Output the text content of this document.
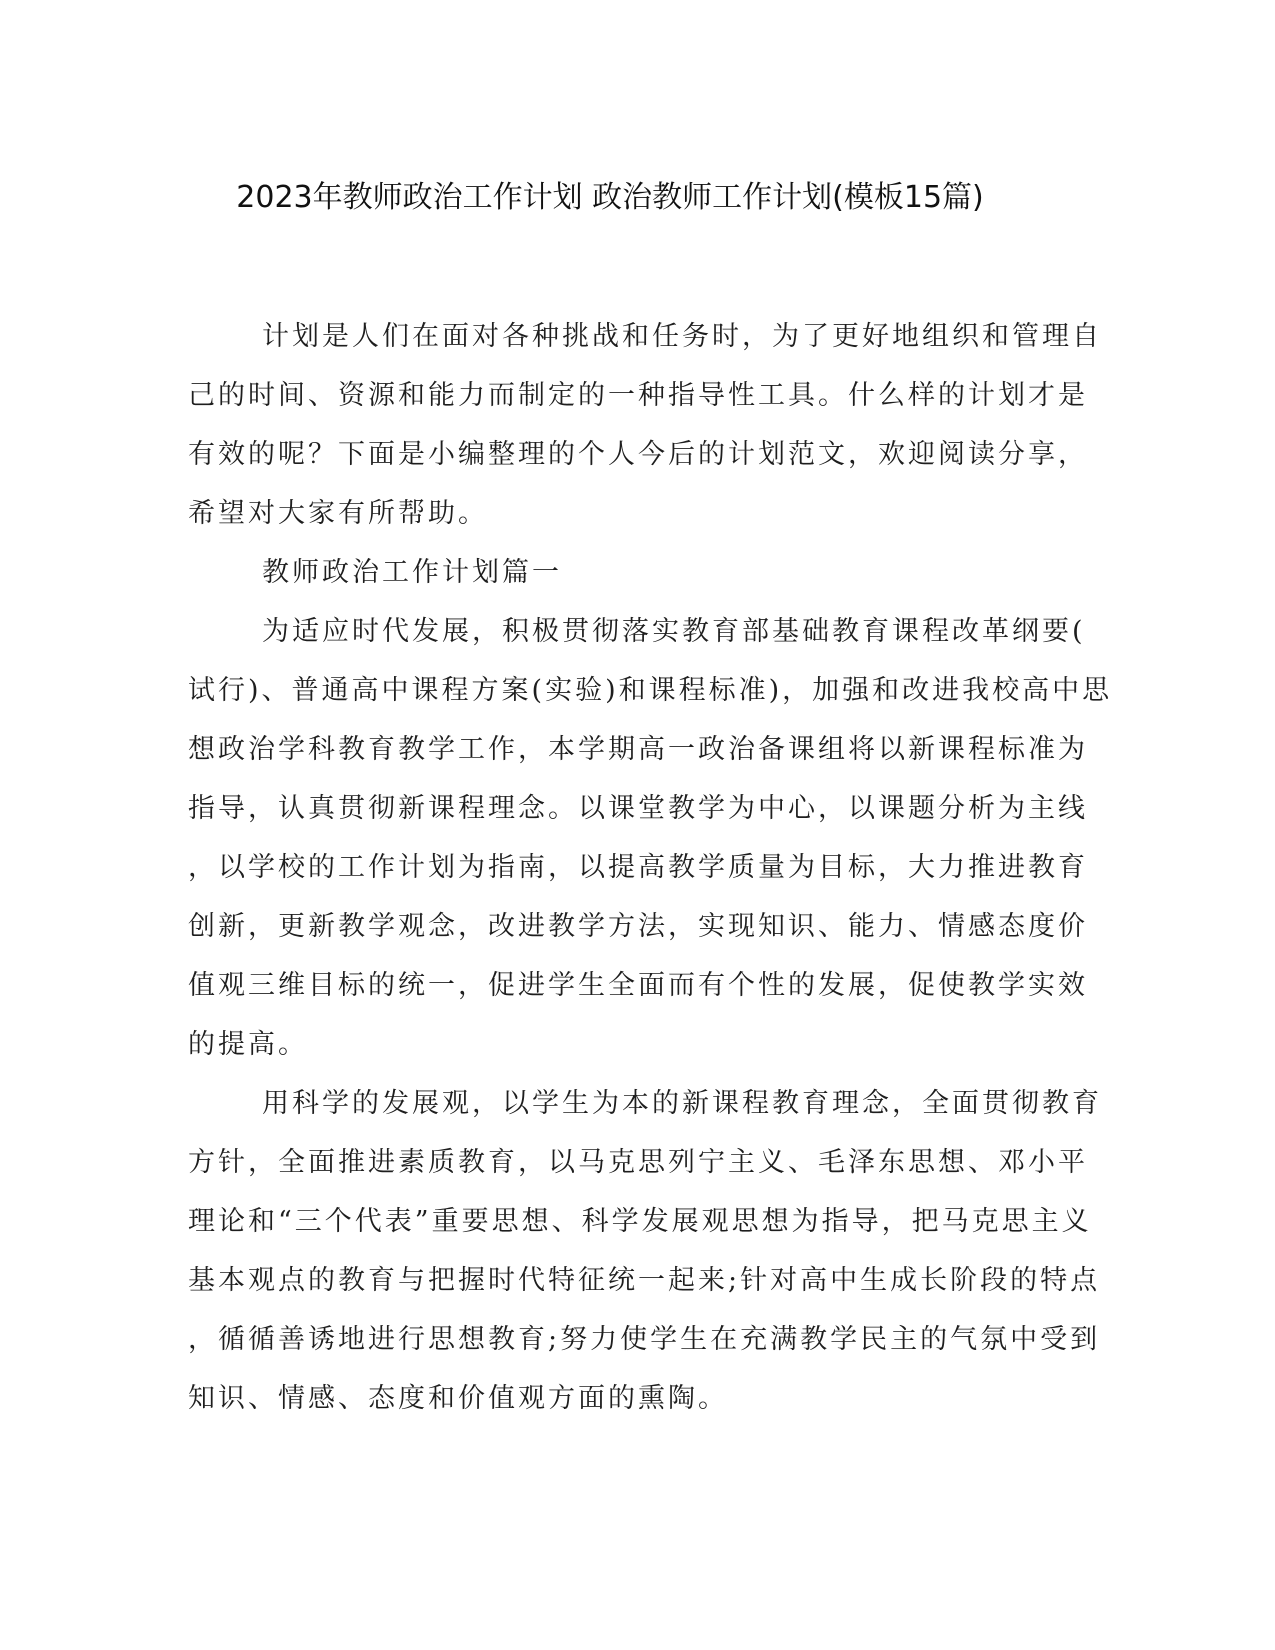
2023年教师政治工作计划 政治教师工作计划(模板15篇)
计划是人们在面对各种挑战和任务时，为了更好地组织和管理自
己的时间、资源和能力而制定的一种指导性工具。什么样的计划才是
有效的呢？下面是小编整理的个人今后的计划范文，欢迎阅读分享，
希望对大家有所帮助。
教师政治工作计划篇一
为适应时代发展，积极贯彻落实教育部基础教育课程改革纲要(
试行)、普通高中课程方案(实验)和课程标准)，加强和改进我校高中思
想政治学科教育教学工作，本学期高一政治备课组将以新课程标准为
指导，认真贯彻新课程理念。以课堂教学为中心，以课题分析为主线
，以学校的工作计划为指南，以提高教学质量为目标，大力推进教育
创新，更新教学观念，改进教学方法，实现知识、能力、情感态度价
值观三维目标的统一，促进学生全面而有个性的发展，促使教学实效
的提高。
用科学的发展观，以学生为本的新课程教育理念，全面贯彻教育
方针，全面推进素质教育，以马克思列宁主义、毛泽东思想、邓小平
理论和“三个代表”重要思想、科学发展观思想为指导，把马克思主义
基本观点的教育与把握时代特征统一起来;针对高中生成长阶段的特点
，循循善诱地进行思想教育;努力使学生在充满教学民主的气氛中受到
知识、情感、态度和价值观方面的熏陶。
